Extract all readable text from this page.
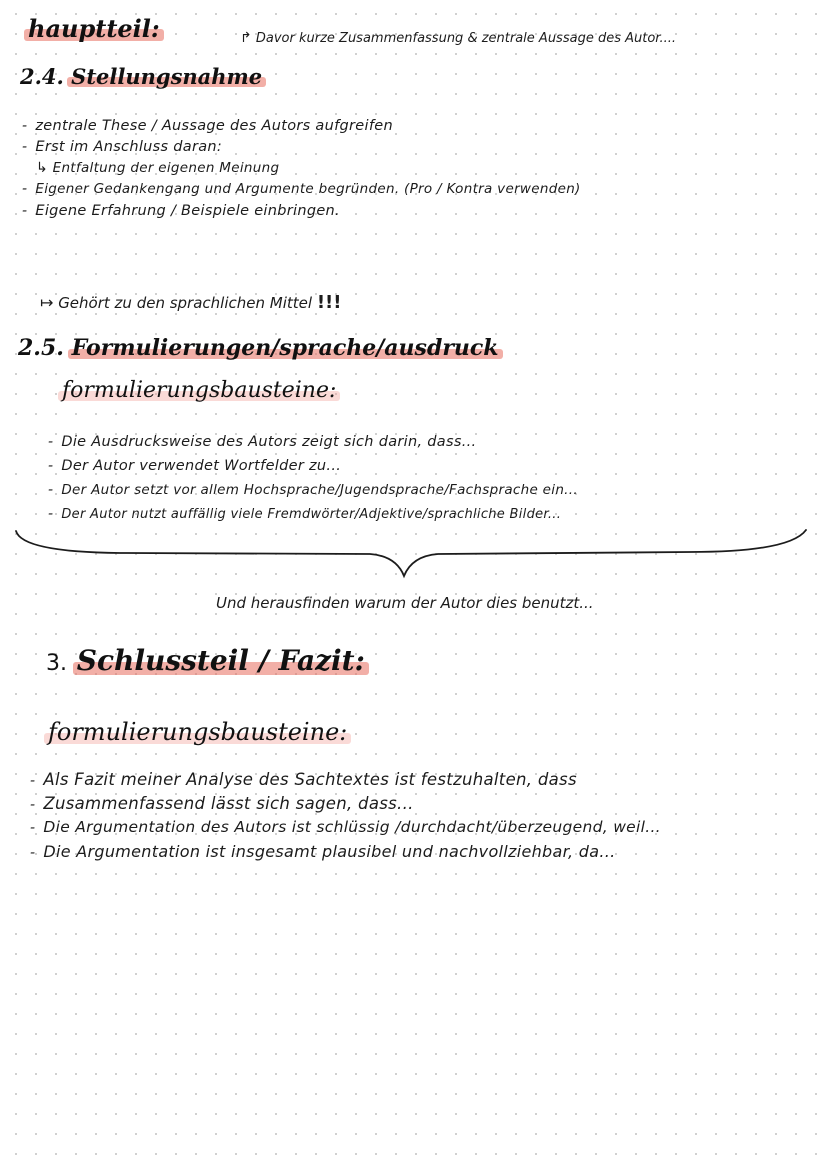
hauptteil:	↱ Davor kurze Zusammenfassung & zentrale Aussage des Autor....
2.4. Stellungsnahme
- zentrale These / Aussage des Autors aufgreifen
- Erst im Anschluss daran:
↳ Entfaltung der eigenen Meinung
- Eigener Gedankengang und Argumente begründen. (Pro / Kontra verwenden)
- Eigene Erfahrung / Beispiele einbringen.
↦ Gehört zu den sprachlichen Mittel !!!
2.5. Formulierungen/sprache/ausdruck
formulierungsbausteine:
- Die Ausdrucksweise des Autors zeigt sich darin, dass...
- Der Autor verwendet Wortfelder zu...
- Der Autor setzt vor allem Hochsprache/Jugendsprache/Fachsprache ein...
- Der Autor nutzt auffällig viele Fremdwörter/Adjektive/sprachliche Bilder...
Und herausfinden warum der Autor dies benutzt...
3. Schlussteil / Fazit:
formulierungsbausteine:
- Als Fazit meiner Analyse des Sachtextes ist festzuhalten, dass
- Zusammenfassend lässt sich sagen, dass...
- Die Argumentation des Autors ist schlüssig /durchdacht/überzeugend, weil...
- Die Argumentation ist insgesamt plausibel und nachvollziehbar, da...
